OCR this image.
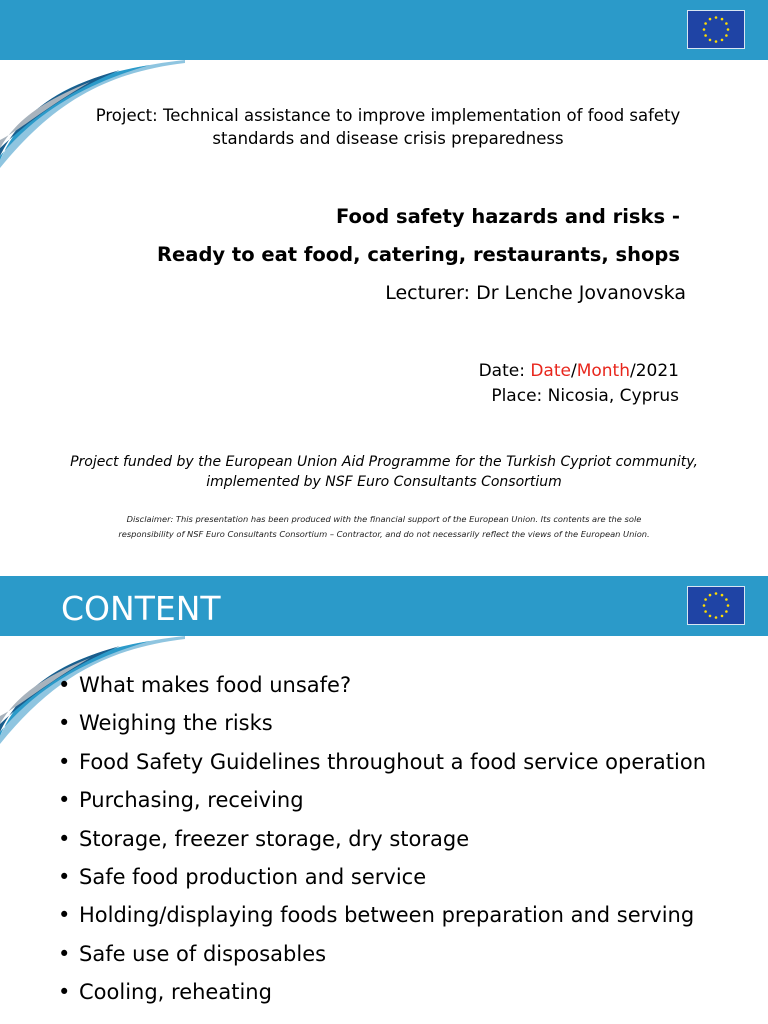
Project: Technical assistance to improve implementation of food safety
standards and disease crisis preparedness
Food safety hazards and risks -
Ready to eat food, catering, restaurants, shops
Lecturer: Dr Lenche Jovanovska
Date: Date/Month/2021
Place: Nicosia, Cyprus
Project funded by the European Union Aid Programme for the Turkish Cypriot community,
implemented by NSF Euro Consultants Consortium
Disclaimer: This presentation has been produced with the financial support of the European Union. Its contents are the sole
responsibility of NSF Euro Consultants Consortium – Contractor, and do not necessarily reflect the views of the European Union.
CONTENT
• What makes food unsafe?
• Weighing the risks
• Food Safety Guidelines throughout a food service operation
• Purchasing, receiving
• Storage, freezer storage, dry storage
• Safe food production and service
• Holding/displaying foods between preparation and serving
• Safe use of disposables
• Cooling, reheating
